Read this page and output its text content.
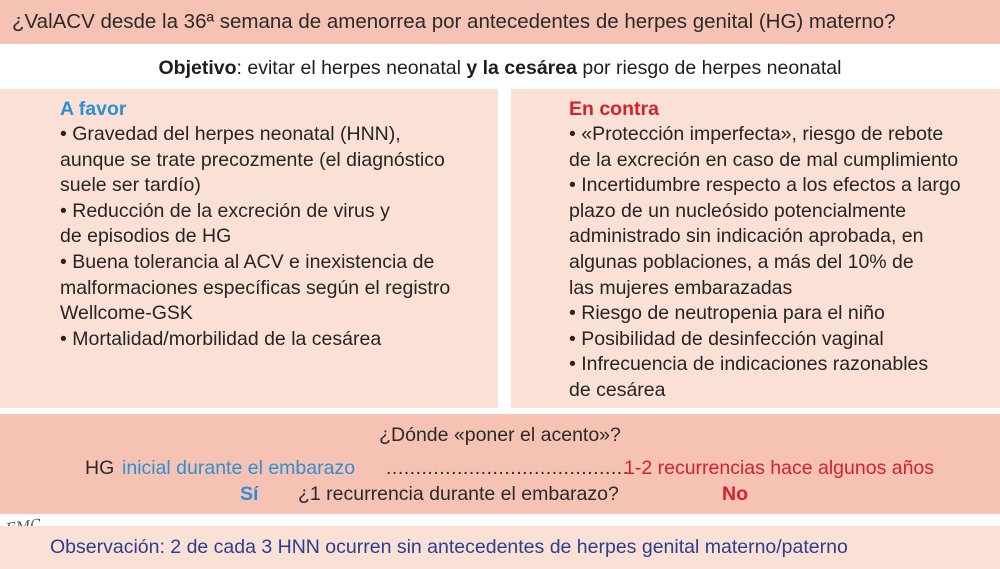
¿ValACV desde la 36ª semana de amenorrea por antecedentes de herpes genital (HG) materno?
Objetivo: evitar el herpes neonatal y la cesárea por riesgo de herpes neonatal
A favor
• Gravedad del herpes neonatal (HNN),
aunque se trate precozmente (el diagnóstico
suele ser tardío)
• Reducción de la excreción de virus y
de episodios de HG
• Buena tolerancia al ACV e inexistencia de
malformaciones específicas según el registro
Wellcome-GSK
• Mortalidad/morbilidad de la cesárea
En contra
• «Protección imperfecta», riesgo de rebote
de la excreción en caso de mal cumplimiento
• Incertidumbre respecto a los efectos a largo
plazo de un nucleósido potencialmente
administrado sin indicación aprobada, en
algunas poblaciones, a más del 10% de
las mujeres embarazadas
• Riesgo de neutropenia para el niño
• Posibilidad de desinfección vaginal
• Infrecuencia de indicaciones razonables
de cesárea
¿Dónde «poner el acento»?
HG inicial durante el embarazo .........................................
1-2 recurrencias hace algunos años
Sí ¿1 recurrencia durante el embarazo?	No
Observación: 2 de cada 3 HNN ocurren sin antecedentes de herpes genital materno/paterno
